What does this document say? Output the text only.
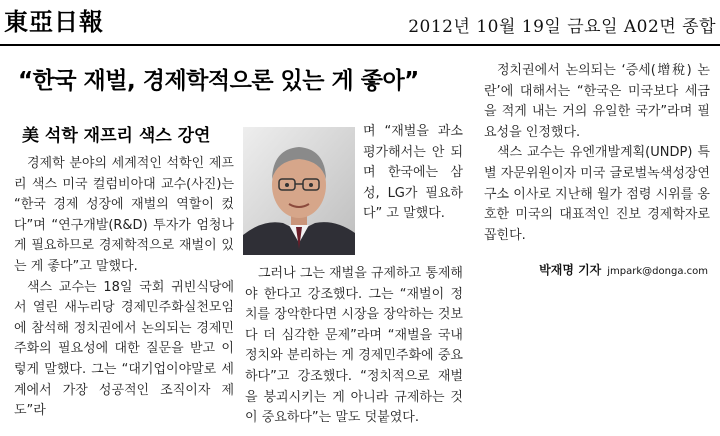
東亞日報	2012년 10월 19일 금요일 A02면 종합
“한국 재벌, 경제학적으론 있는 게 좋아”
美 석학 재프리 색스 강연

경제학 분야의 세계적인 석학인 제프리 색스 미국 컬럼비아대 교수(사진)는 “한국 경제 성장에 재벌의 역할이 컸다”며 “연구개발(R&D) 투자가 엄청나게 필요하므로 경제학적으로 재벌이 있는 게 좋다”고 말했다.

색스 교수는 18일 국회 귀빈식당에서 열린 새누리당 경제민주화실천모임에 참석해 정치권에서 논의되는 경제민주화의 필요성에 대한 질문을 받고 이렇게 말했다. 그는 “대기업이야말로 세계에서 가장 성공적인 조직이자 제도”라

며 “재벌을 과소평가해서는 안 되며 한국에는 삼성, LG가 필요하다” 고 말했다.

그러나 그는 재벌을 규제하고 통제해야 한다고 강조했다. 그는 “재벌이 정치를 장악한다면 시장을 장악하는 것보다 더 심각한 문제”라며 “재벌을 국내 정치와 분리하는 게 경제민주화에 중요하다”고 강조했다. “정치적으로 재벌을 붕괴시키는 게 아니라 규제하는 것이 중요하다”는 말도 덧붙였다.

정치권에서 논의되는 ‘증세(增稅) 논란’에 대해서는 “한국은 미국보다 세금을 적게 내는 거의 유일한 국가”라며 필요성을 인정했다.

색스 교수는 유엔개발계획(UNDP) 특별 자문위원이자 미국 글로벌녹색성장연구소 이사로 지난해 월가 점령 시위를 옹호한 미국의 대표적인 진보 경제학자로 꼽힌다.

박재명 기자 jmpark@donga.com
